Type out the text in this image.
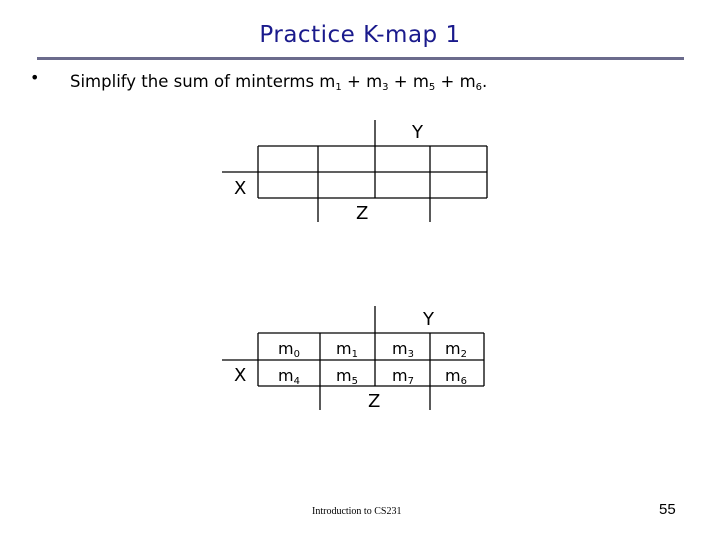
Practice K-map 1
• Simplify the sum of minterms $m_1 + m_3 + m_5 + m_6$.
Y
X
Z
Y
X
Z
m0 m1 m3 m2
m4 m5 m7 m6
Introduction to CS231	55
